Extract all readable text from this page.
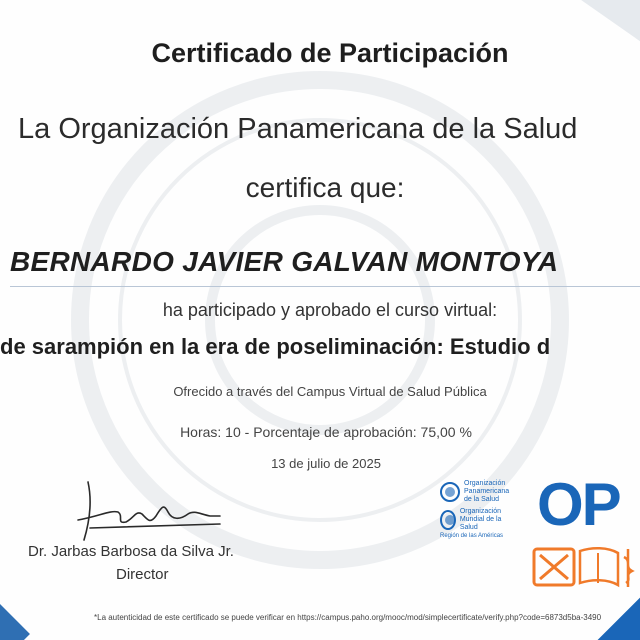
Certificado de Participación
La Organización Panamericana de la Salud
certifica que:
BERNARDO JAVIER GALVAN MONTOYA
ha participado y aprobado el curso virtual:
de sarampión en la era de poseliminación: Estudio d
Ofrecido a través del Campus Virtual de Salud Pública
Horas: 10 - Porcentaje de aprobación: 75,00 %
13 de julio de 2025
Dr. Jarbas Barbosa da Silva Jr.
Director
Organización
Panamericana
de la Salud
Organización
Mundial de la Salud
Región de las Américas OP
*La autenticidad de este certificado se puede verificar en https://campus.paho.org/mooc/mod/simplecertificate/verify.php?code=6873d5ba-3490
